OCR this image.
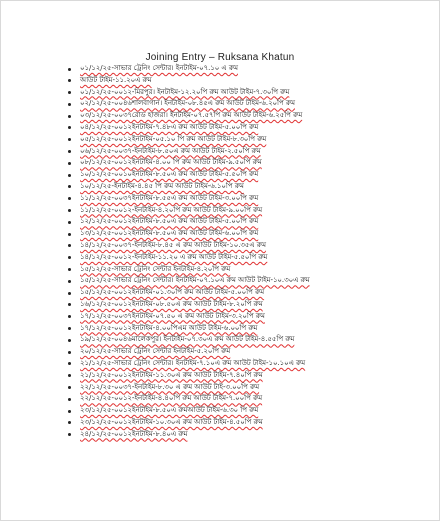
Joining Entry – Ruksana Khatun
০১/১২/২৫-সাভার ট্রেনিং সেন্টার। ইনটাইম-০৭.১০ এ রুম
আউট টাইম-১১.২০এ রুম
০১/১২/২৫-০০১২-মিরপুর। ইনটাইম-১২.২০পি রুম আউট টাইম-৭.৩০পি রুম
০২/১২/২৫-০০৪৬শালবাগান। ইনটাইম-০৮.৪৫এ রুম আউট টাইম-৬.২০পি রুম
০৩/১২/২৫-০০৩৭রোড হাজরা। ইনটাইম-০৭.৫৭পি রুম আউট টাইম-৬.২৫পি রুম
০৪/১২/২৫-০০১২ইনটাইম-৭.৪৮এ রুম আউট টাইম-৫.০০পি রুম
০৫/১২/২৫-০০১২ইনটাইম-০৫.১০ পি রুম আউট টাইম-৮.৩০পি রুম
০৬/১২/২৫-০০৩৭-ইনটাইম-৮.৫০এ রুম আউট টাইম-২.৫০পি রুম
০৮/১২/২৫-০০১২ইনটাইম-৪.০০ পি রুম আউট টাইম-৯.৫০পি রুম
১০/১২/২৫-০০১০ইনটাইম-৮.৫০এ রুম আউট টাইম-৫.৫০পি রুম
১০/১২/২৫-ইনটাইম-৪.৪৫ পি রুম আউট টাইম-৬.১০পি রুম
১১/১২/২৫-০০৩৭ইনটাইম-৮.৫৫এ রুম আউট টাইম-৩.০০পি রুম
১১/১২/২৫-০০১২-ইনটাইম-৪.২০পি রুম আউট টাইম-৯.০০পি রুম
১২/১২/২৫-০০১২ইনটাইম-৮.৫০এ রুম আউট টাইম-৫.০০পি রুম
১৩/১২/২৫-০০১২ইনটাইম-৮.৫০এ রুম আউট টাইম-৬.০০পি রুম
১৪/১২/২৫-০০৩৭-ইনটাইম-৮.৪৫ এ রুম আউট টাইম-১০.৩৫এ রুম
১৪/১২/২৫-০০১২-ইনটাইম-১১.২০ এ রুম আউট টাইম-৫.৫০পি রুম
১৫/১২/২৫-সাভার ট্রেনিং সেন্টার ইনটাইম-৪.২০পি রুম
১৫/১২/২৫-সাভার ট্রেনিং সেন্টার। ইনটাইম-০৭.১০এ রুম আউট টাইম-১০.৩০এ রুম
১৫/১২/২৫-০০১২ইনটাইম-০১.৩০পি রুম আউট টাইম-৫.০০পি রুম
১৬/১২/২৫-০০১২ইনটাইম-০৮.৫০এ রুম আউট টাইম-৮.২০পি রুম
১৭/১২/২৫-০০৩৭ইনটাইম-০৭.৫০ এ রুম আউট টাইম-৩.২০পি রুম
১৭/১২/২৫-০০১২ইনটাইম-৪.০০পিএম আউট টাইম-৬.০০পি রুম
১৯/১২/২৫-০০৪৬মালেকপুর। ইনটাইম-০৭.৩০এ রুম আউট টাইম-৪.৫৫পি রুম
২০/১২/২৫-সাভার ট্রেনিং সেন্টার ইনটাইম-৫.২০পি রুম
২১/১২/২৫-সাভার ট্রেনিং সেন্টার। ইনটাইম-৭.১০এ রুম আউট টাইম-১০.১০এ রুম
২১/১২/২৫-০০১২ইনটাইম-১১.৩০এ রুম আউট টাইম-৭.৪০পি রুম
২২/১২/২৫-০০৩৭-ইনটাইম-৮.৩০ এ রুম আউট টাই-৩.০০পি রুম
২২/১২/২৫-০০১২-ইনটাইম-৪.৪০পি রুম আউট টাইম-৭.০০পি রুম
২৩/১২/২৫-০০১২ইনটাইম-৮.৫০এ রুমআউট টাইম-৬.৩০ পি রুম
২৩/১২/২৫-০০১২ইনটাইম-১০.৩০এ রুম আউট টাইম-৪.৫০পি রুম
২৪/১২/২৫-০০১২ইনটাইম-৮.৪০এ রুম
